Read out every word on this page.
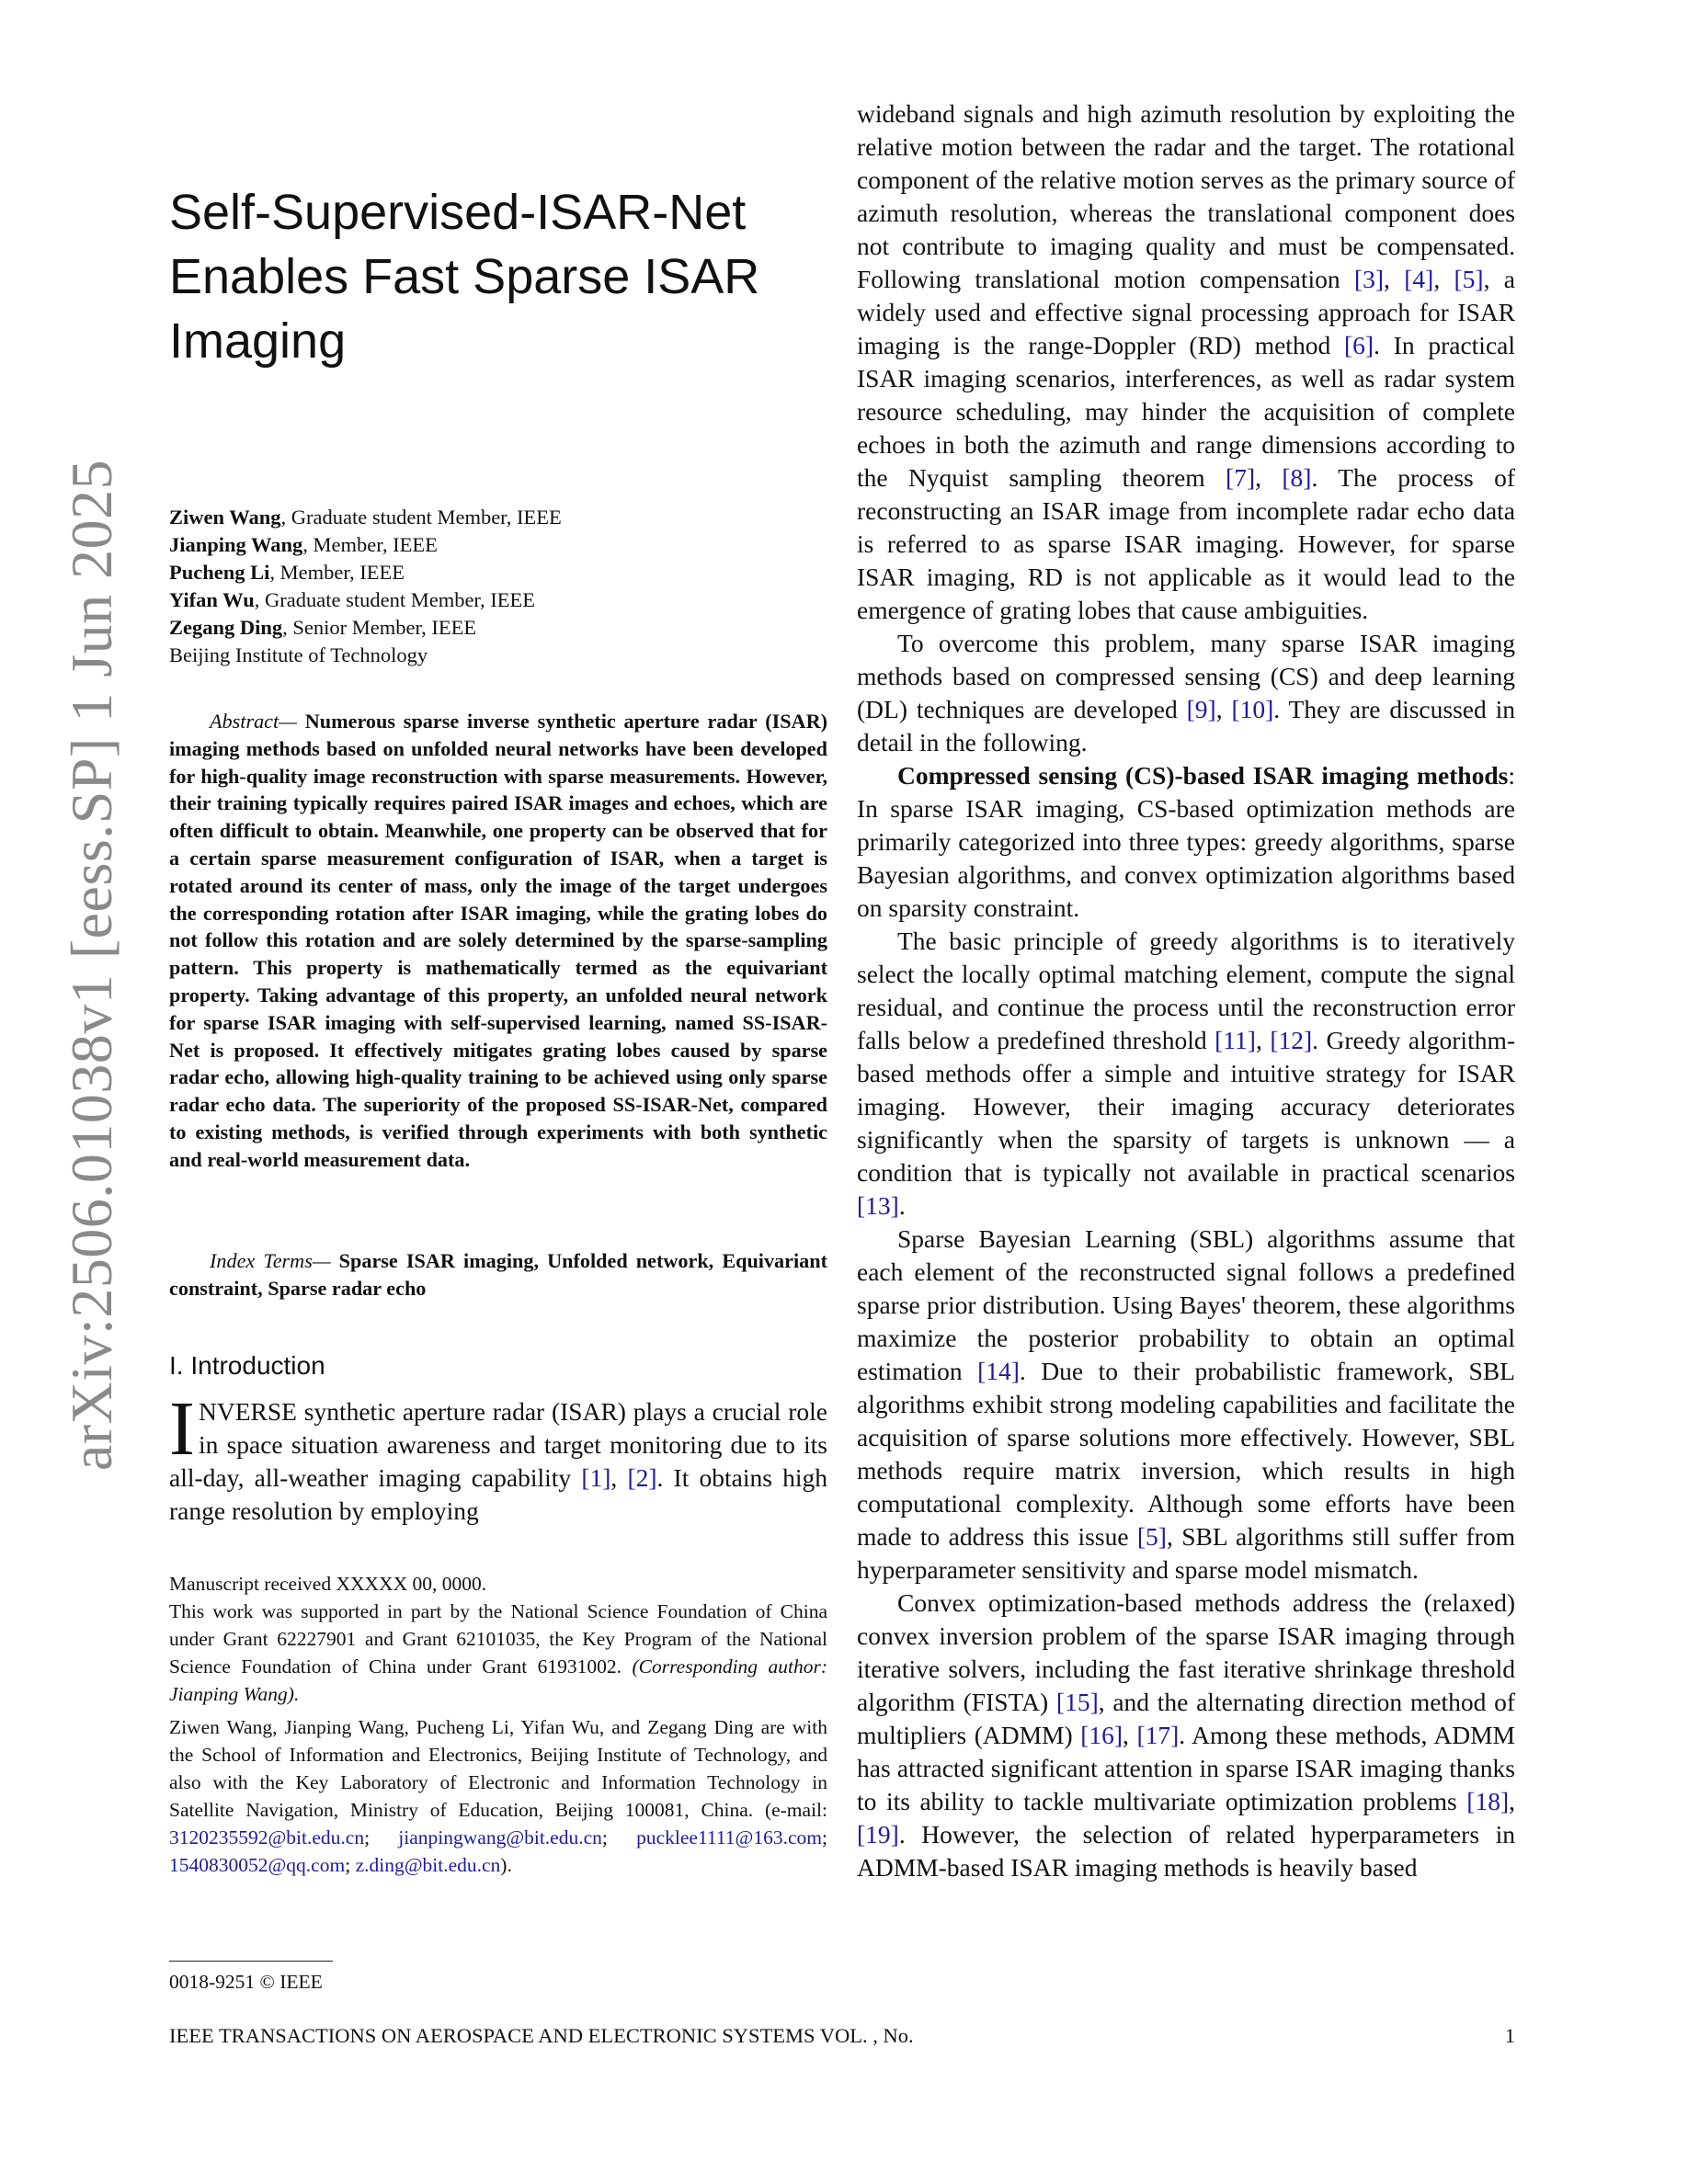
arXiv:2506.01038v1 [eess.SP] 1 Jun 2025
Self-Supervised-ISAR-Net
Enables Fast Sparse ISAR
Imaging
Ziwen Wang, Graduate student Member, IEEE
Jianping Wang, Member, IEEE
Pucheng Li, Member, IEEE
Yifan Wu, Graduate student Member, IEEE
Zegang Ding, Senior Member, IEEE
Beijing Institute of Technology

Abstract— Numerous sparse inverse synthetic aperture radar (ISAR) imaging methods based on unfolded neural networks have been developed for high-quality image reconstruction with sparse measurements. However, their training typically requires paired ISAR images and echoes, which are often difficult to obtain. Meanwhile, one property can be observed that for a certain sparse measurement configuration of ISAR, when a target is rotated around its center of mass, only the image of the target undergoes the corresponding rotation after ISAR imaging, while the grating lobes do not follow this rotation and are solely determined by the sparse-sampling pattern. This property is mathematically termed as the equivariant property. Taking advantage of this property, an unfolded neural network for sparse ISAR imaging with self-supervised learning, named SS-ISAR-Net is proposed. It effectively mitigates grating lobes caused by sparse radar echo, allowing high-quality training to be achieved using only sparse radar echo data. The superiority of the proposed SS-ISAR-Net, compared to existing methods, is verified through experiments with both synthetic and real-world measurement data.

Index Terms— Sparse ISAR imaging, Unfolded network, Equivariant constraint, Sparse radar echo

I. Introduction

INVERSE synthetic aperture radar (ISAR) plays a crucial role in space situation awareness and target monitoring due to its all-day, all-weather imaging capability [1], [2]. It obtains high range resolution by employing

Manuscript received XXXXX 00, 0000.
This work was supported in part by the National Science Foundation of China under Grant 62227901 and Grant 62101035, the Key Program of the National Science Foundation of China under Grant 61931002. (Corresponding author: Jianping Wang).

Ziwen Wang, Jianping Wang, Pucheng Li, Yifan Wu, and Zegang Ding are with the School of Information and Electronics, Beijing Institute of Technology, and also with the Key Laboratory of Electronic and Information Technology in Satellite Navigation, Ministry of Education, Beijing 100081, China. (e-mail: 3120235592@bit.edu.cn; jianpingwang@bit.edu.cn; pucklee1111@163.com; 1540830052@qq.com; z.ding@bit.edu.cn).

0018-9251 © IEEE

wideband signals and high azimuth resolution by exploiting the relative motion between the radar and the target. The rotational component of the relative motion serves as the primary source of azimuth resolution, whereas the translational component does not contribute to imaging quality and must be compensated. Following translational motion compensation [3], [4], [5], a widely used and effective signal processing approach for ISAR imaging is the range-Doppler (RD) method [6]. In practical ISAR imaging scenarios, interferences, as well as radar system resource scheduling, may hinder the acquisition of complete echoes in both the azimuth and range dimensions according to the Nyquist sampling theorem [7], [8]. The process of reconstructing an ISAR image from incomplete radar echo data is referred to as sparse ISAR imaging. However, for sparse ISAR imaging, RD is not applicable as it would lead to the emergence of grating lobes that cause ambiguities.

To overcome this problem, many sparse ISAR imaging methods based on compressed sensing (CS) and deep learning (DL) techniques are developed [9], [10]. They are discussed in detail in the following.

Compressed sensing (CS)-based ISAR imaging methods: In sparse ISAR imaging, CS-based optimization methods are primarily categorized into three types: greedy algorithms, sparse Bayesian algorithms, and convex optimization algorithms based on sparsity constraint.

The basic principle of greedy algorithms is to iteratively select the locally optimal matching element, compute the signal residual, and continue the process until the reconstruction error falls below a predefined threshold [11], [12]. Greedy algorithm-based methods offer a simple and intuitive strategy for ISAR imaging. However, their imaging accuracy deteriorates significantly when the sparsity of targets is unknown — a condition that is typically not available in practical scenarios [13].

Sparse Bayesian Learning (SBL) algorithms assume that each element of the reconstructed signal follows a predefined sparse prior distribution. Using Bayes' theorem, these algorithms maximize the posterior probability to obtain an optimal estimation [14]. Due to their probabilistic framework, SBL algorithms exhibit strong modeling capabilities and facilitate the acquisition of sparse solutions more effectively. However, SBL methods require matrix inversion, which results in high computational complexity. Although some efforts have been made to address this issue [5], SBL algorithms still suffer from hyperparameter sensitivity and sparse model mismatch.

Convex optimization-based methods address the (relaxed) convex inversion problem of the sparse ISAR imaging through iterative solvers, including the fast iterative shrinkage threshold algorithm (FISTA) [15], and the alternating direction method of multipliers (ADMM) [16], [17]. Among these methods, ADMM has attracted significant attention in sparse ISAR imaging thanks to its ability to tackle multivariate optimization problems [18], [19]. However, the selection of related hyperparameters in ADMM-based ISAR imaging methods is heavily based

IEEE TRANSACTIONS ON AEROSPACE AND ELECTRONIC SYSTEMS VOL. , No.	1
